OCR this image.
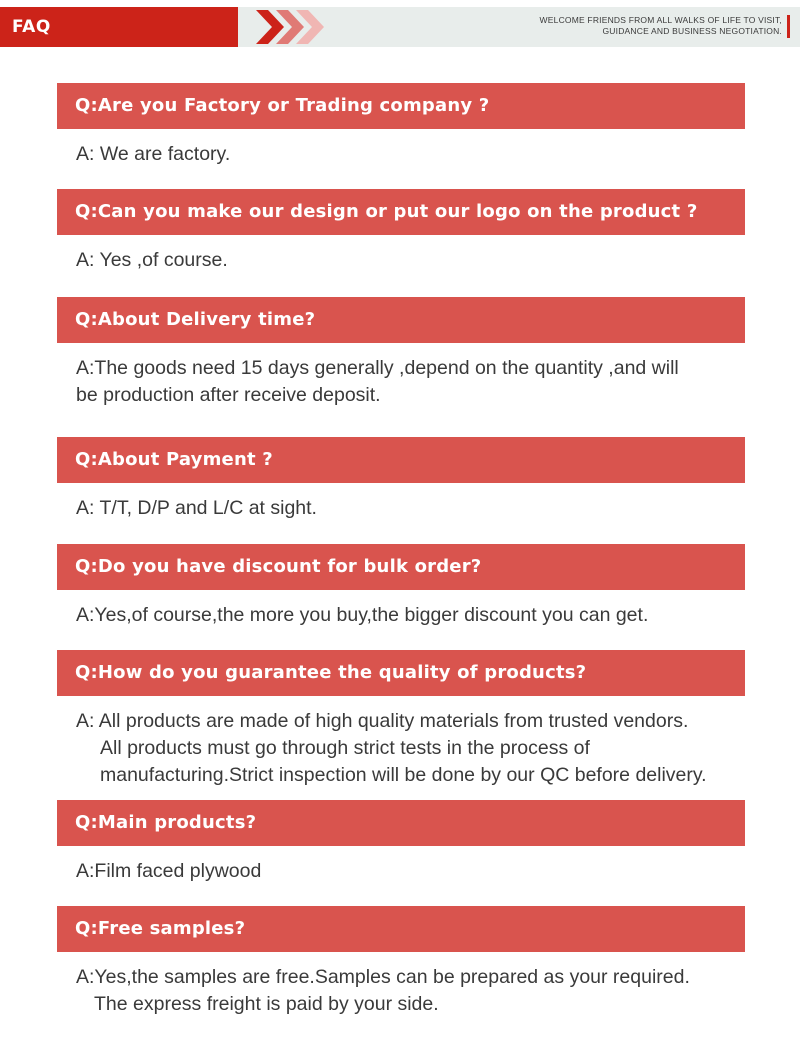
FAQ	WELCOME FRIENDS FROM ALL WALKS OF LIFE TO VISIT,
GUIDANCE AND BUSINESS NEGOTIATION.
Q:Are you Factory or Trading company ?
A: We are factory.
Q:Can you make our design or put our logo on the product ?
A: Yes ,of course.
Q:About Delivery time?
A:The goods need 15 days generally ,depend on the quantity ,and will
be production after receive deposit.
Q:About Payment ?
A: T/T, D/P and L/C at sight.
Q:Do you have discount for bulk order?
A:Yes,of course,the more you buy,the bigger discount you can get.
Q:How do you guarantee the quality of products?
A: All products are made of high quality materials from trusted vendors.
All products must go through strict tests in the process of
manufacturing.Strict inspection will be done by our QC before delivery.
Q:Main products?
A:Film faced plywood
Q:Free samples?
A:Yes,the samples are free.Samples can be prepared as your required.
The express freight is paid by your side.
